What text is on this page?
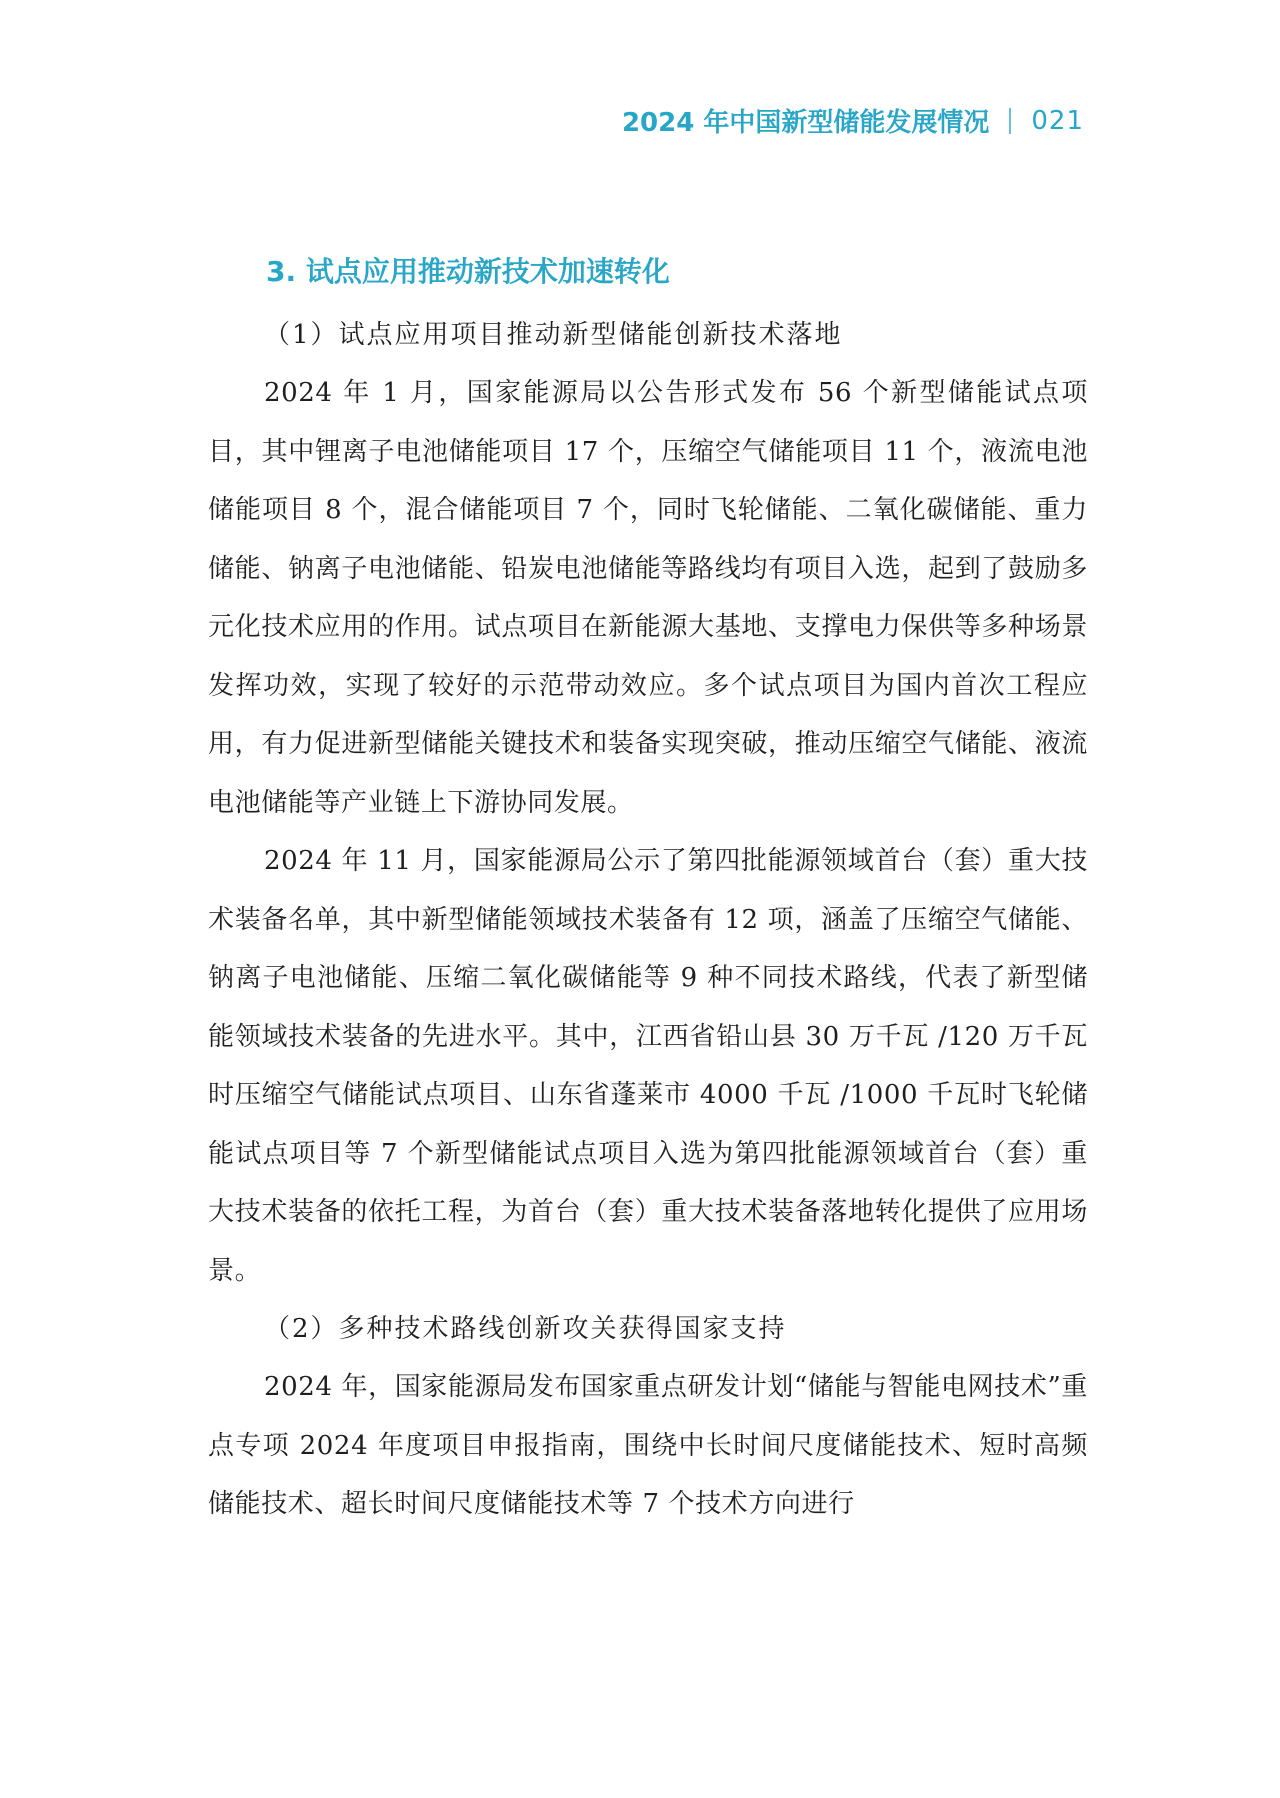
2024 年中国新型储能发展情况 021
3. 试点应用推动新技术加速转化

（1）试点应用项目推动新型储能创新技术落地

2024 年 1 月，国家能源局以公告形式发布 56 个新型储能试点项目，其中锂离子电池储能项目 17 个，压缩空气储能项目 11 个，液流电池储能项目 8 个，混合储能项目 7 个，同时飞轮储能、二氧化碳储能、重力储能、钠离子电池储能、铅炭电池储能等路线均有项目入选，起到了鼓励多元化技术应用的作用。试点项目在新能源大基地、支撑电力保供等多种场景发挥功效，实现了较好的示范带动效应。多个试点项目为国内首次工程应用，有力促进新型储能关键技术和装备实现突破，推动压缩空气储能、液流电池储能等产业链上下游协同发展。

2024 年 11 月，国家能源局公示了第四批能源领域首台（套）重大技术装备名单，其中新型储能领域技术装备有 12 项，涵盖了压缩空气储能、钠离子电池储能、压缩二氧化碳储能等 9 种不同技术路线，代表了新型储能领域技术装备的先进水平。其中，江西省铅山县 30 万千瓦 /120 万千瓦时压缩空气储能试点项目、山东省蓬莱市 4000 千瓦 /1000 千瓦时飞轮储能试点项目等 7 个新型储能试点项目入选为第四批能源领域首台（套）重大技术装备的依托工程，为首台（套）重大技术装备落地转化提供了应用场景。

（2）多种技术路线创新攻关获得国家支持

2024 年，国家能源局发布国家重点研发计划“储能与智能电网技术”重点专项 2024 年度项目申报指南，围绕中长时间尺度储能技术、短时高频储能技术、超长时间尺度储能技术等 7 个技术方向进行
